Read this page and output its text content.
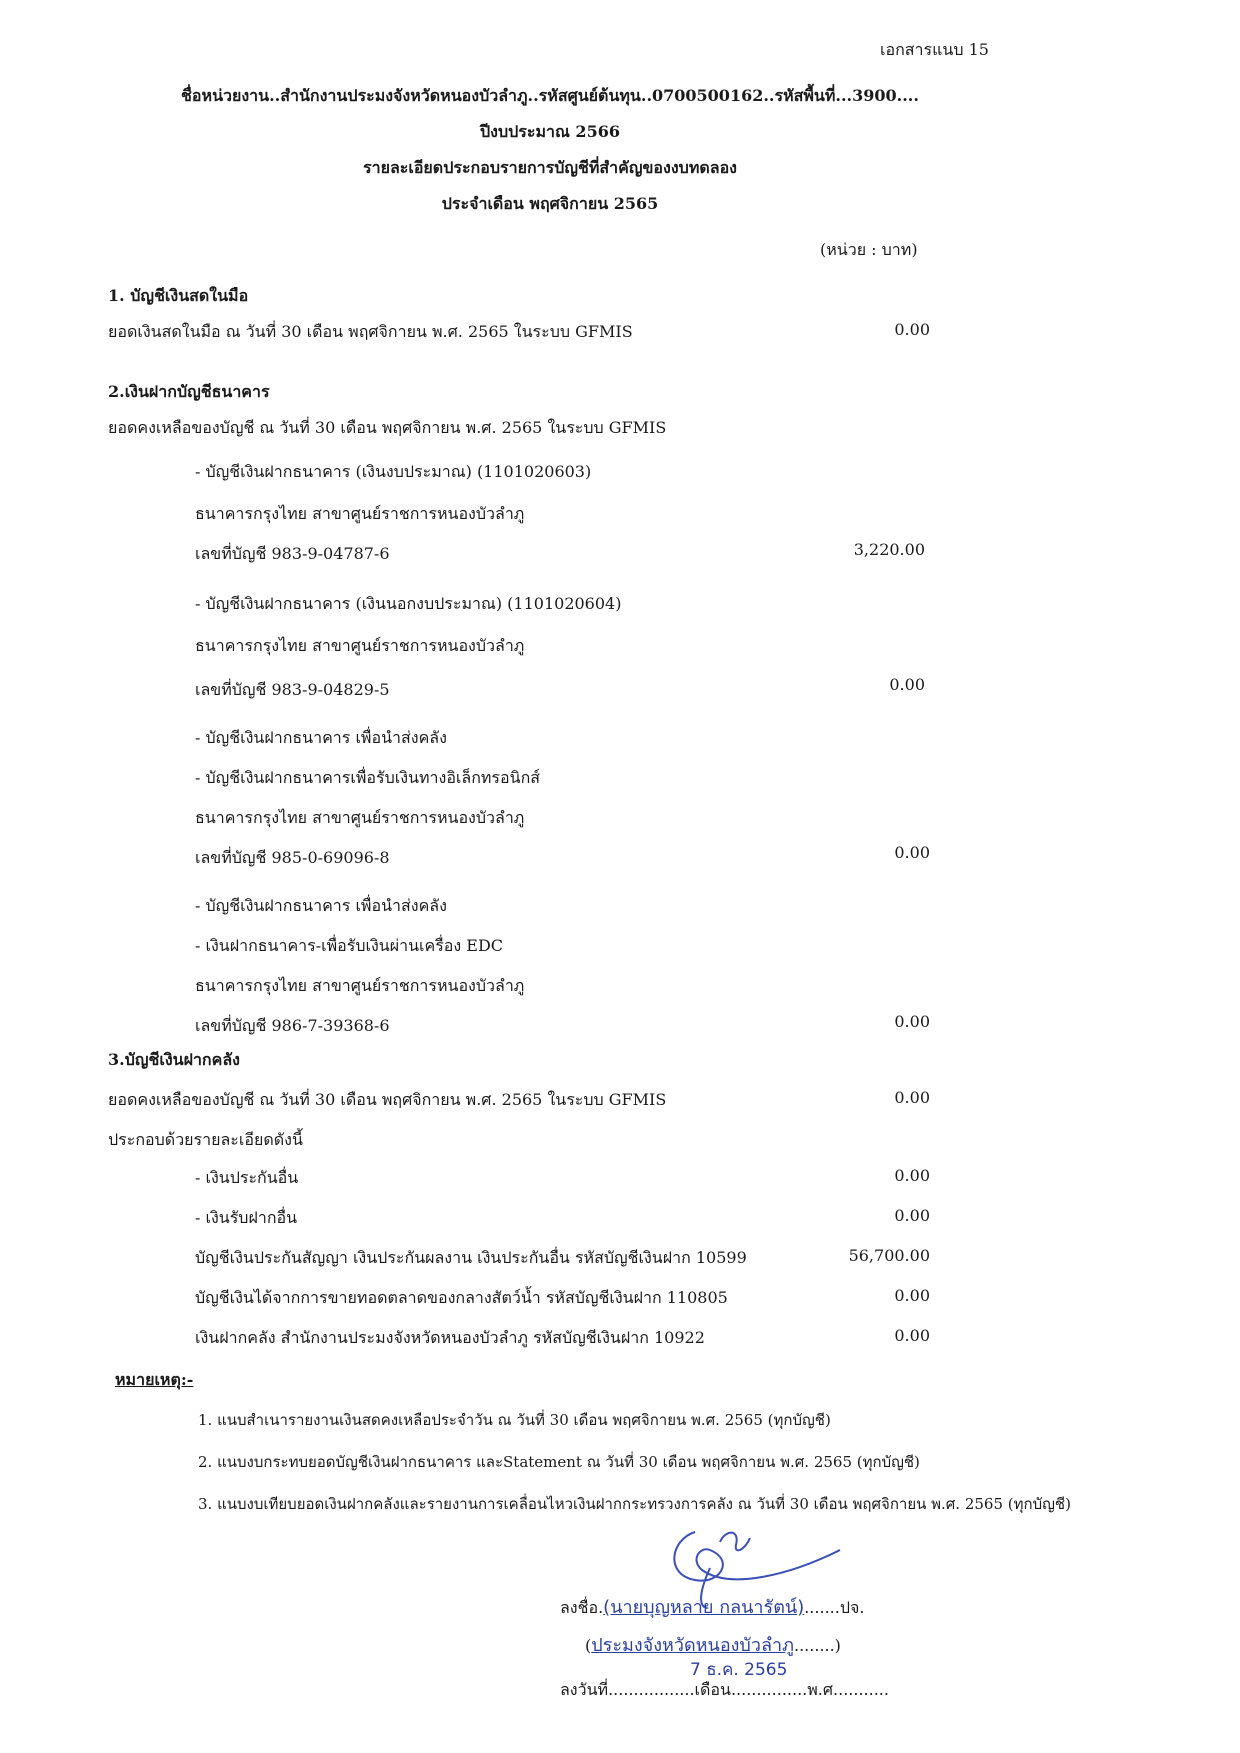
เอกสารแนบ 15
ชื่อหน่วยงาน..สำนักงานประมงจังหวัดหนองบัวลำภู..รหัสศูนย์ต้นทุน..0700500162..รหัสพื้นที่...3900....
ปีงบประมาณ 2566
รายละเอียดประกอบรายการบัญชีที่สำคัญของงบทดลอง
ประจำเดือน พฤศจิกายน 2565
(หน่วย : บาท)
1. บัญชีเงินสดในมือ
ยอดเงินสดในมือ ณ วันที่ 30 เดือน พฤศจิกายน พ.ศ. 2565 ในระบบ GFMIS	0.00
2.เงินฝากบัญชีธนาคาร
ยอดคงเหลือของบัญชี ณ วันที่ 30 เดือน พฤศจิกายน พ.ศ. 2565 ในระบบ GFMIS
- บัญชีเงินฝากธนาคาร (เงินงบประมาณ) (1101020603)
ธนาคารกรุงไทย สาขาศูนย์ราชการหนองบัวลำภู
เลขที่บัญชี 983-9-04787-6	3,220.00
- บัญชีเงินฝากธนาคาร (เงินนอกงบประมาณ) (1101020604)
ธนาคารกรุงไทย สาขาศูนย์ราชการหนองบัวลำภู
เลขที่บัญชี 983-9-04829-5	0.00
- บัญชีเงินฝากธนาคาร เพื่อนำส่งคลัง
- บัญชีเงินฝากธนาคารเพื่อรับเงินทางอิเล็กทรอนิกส์
ธนาคารกรุงไทย สาขาศูนย์ราชการหนองบัวลำภู
เลขที่บัญชี 985-0-69096-8	0.00
- บัญชีเงินฝากธนาคาร เพื่อนำส่งคลัง
- เงินฝากธนาคาร-เพื่อรับเงินผ่านเครื่อง EDC
ธนาคารกรุงไทย สาขาศูนย์ราชการหนองบัวลำภู
เลขที่บัญชี 986-7-39368-6	0.00
3.บัญชีเงินฝากคลัง
ยอดคงเหลือของบัญชี ณ วันที่ 30 เดือน พฤศจิกายน พ.ศ. 2565 ในระบบ GFMIS	0.00
ประกอบด้วยรายละเอียดดังนี้
- เงินประกันอื่น	0.00
- เงินรับฝากอื่น	0.00
บัญชีเงินประกันสัญญา เงินประกันผลงาน เงินประกันอื่น รหัสบัญชีเงินฝาก 10599	56,700.00
บัญชีเงินได้จากการขายทอดตลาดของกลางสัตว์น้ำ รหัสบัญชีเงินฝาก 110805	0.00
เงินฝากคลัง สำนักงานประมงจังหวัดหนองบัวลำภู รหัสบัญชีเงินฝาก 10922	0.00
หมายเหตุ:-
1. แนบสำเนารายงานเงินสดคงเหลือประจำวัน ณ วันที่ 30 เดือน พฤศจิกายน พ.ศ. 2565 (ทุกบัญชี)
2. แนบงบกระทบยอดบัญชีเงินฝากธนาคาร และStatement ณ วันที่ 30 เดือน พฤศจิกายน พ.ศ. 2565 (ทุกบัญชี)
3. แนบงบเทียบยอดเงินฝากคลังและรายงานการเคลื่อนไหวเงินฝากกระทรวงการคลัง ณ วันที่ 30 เดือน พฤศจิกายน พ.ศ. 2565 (ทุกบัญชี)
ลงชื่อ.(นายบุญหลาย กลนารัตน์).......ปจ.
(ประมงจังหวัดหนองบัวลำภู........)
7 ธ.ค. 2565
ลงวันที่.................เดือน...............พ.ศ...........
